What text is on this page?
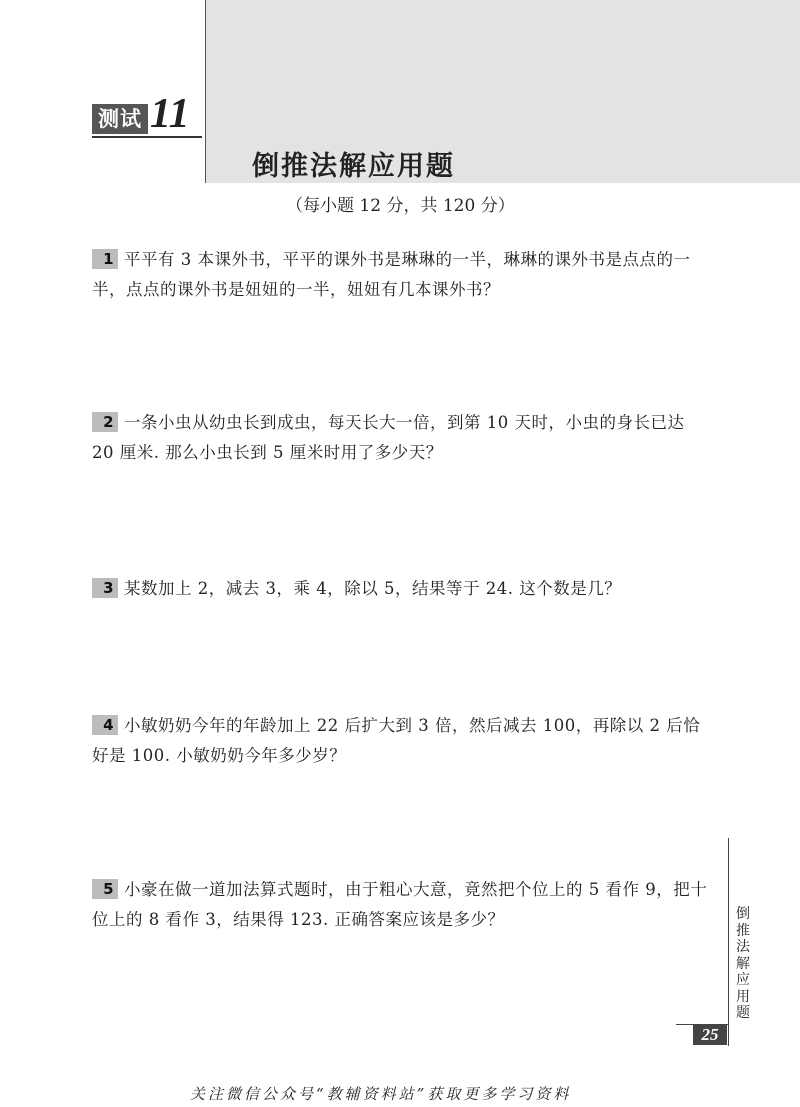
测试 11
倒推法解应用题
（每小题 12 分，共 120 分）
1 平平有 3 本课外书，平平的课外书是琳琳的一半，琳琳的课外书是点点的一半，点点的课外书是妞妞的一半，妞妞有几本课外书？
2 一条小虫从幼虫长到成虫，每天长大一倍，到第 10 天时，小虫的身长已达 20 厘米. 那么小虫长到 5 厘米时用了多少天？
3 某数加上 2，减去 3，乘 4，除以 5，结果等于 24. 这个数是几？
4 小敏奶奶今年的年龄加上 22 后扩大到 3 倍，然后减去 100，再除以 2 后恰好是 100. 小敏奶奶今年多少岁？
5 小豪在做一道加法算式题时，由于粗心大意，竟然把个位上的 5 看作 9，把十位上的 8 看作 3，结果得 123. 正确答案应该是多少？	倒推法解应用题
25
关注微信公众号“教辅资料站”获取更多学习资料
